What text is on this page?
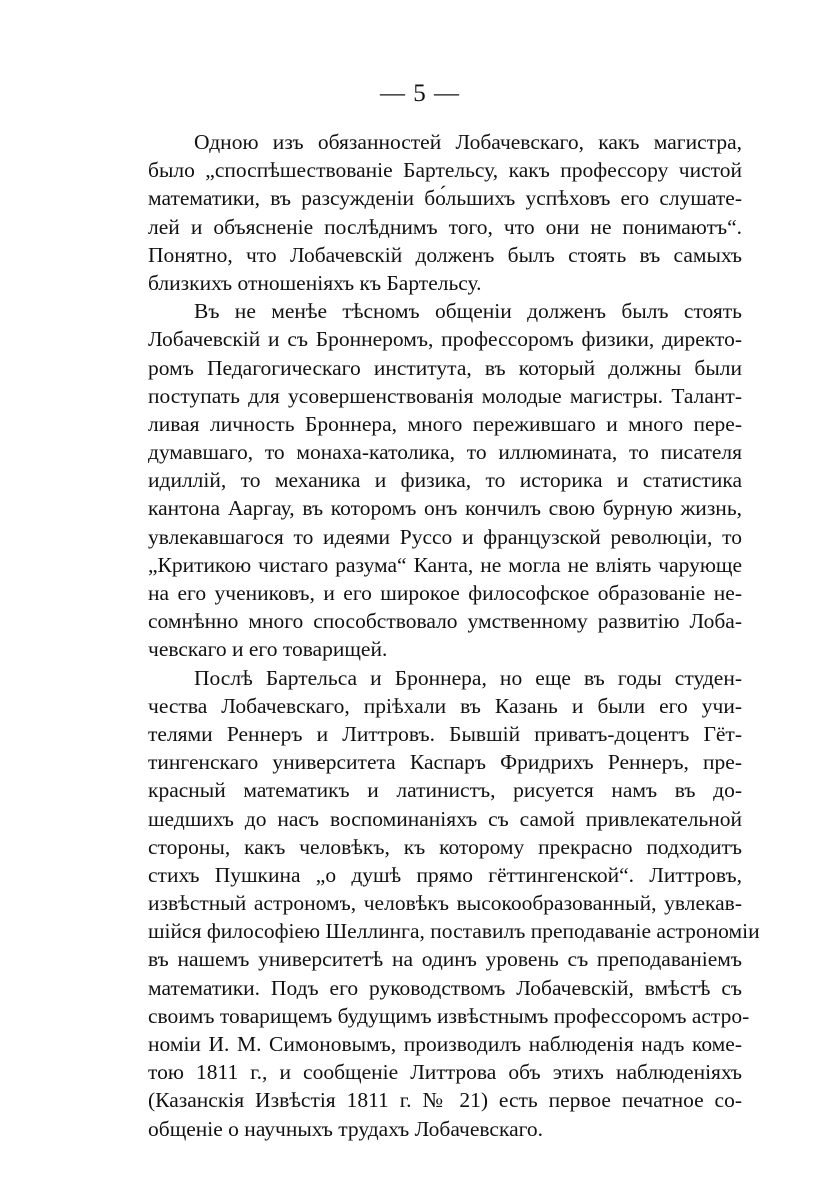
— 5 —
Одною изъ обязанностей Лобачевскаго, какъ магистра,
было „споспѣшествованіе Бартельсу, какъ профессору чистой
математики, въ разсужденіи бо́льшихъ успѣховъ его слушате-
лей и объясненіе послѣднимъ того, что они не понимаютъ“.
Понятно, что Лобачевскій долженъ былъ стоять въ самыхъ
близкихъ отношеніяхъ къ Бартельсу.
Въ не менѣе тѣсномъ общеніи долженъ былъ стоять
Лобачевскій и съ Броннеромъ, профессоромъ физики, директо-
ромъ Педагогическаго института, въ который должны были
поступать для усовершенствованія молодые магистры. Талант-
ливая личность Броннера, много пережившаго и много пере-
думавшаго, то монаха-католика, то иллюмината, то писателя
идиллій, то механика и физика, то историка и статистика
кантона Ааргау, въ которомъ онъ кончилъ свою бурную жизнь,
увлекавшагося то идеями Руссо и французской революціи, то
„Критикою чистаго разума“ Канта, не могла не вліять чарующе
на его учениковъ, и его широкое философское образованіе не-
сомнѣнно много способствовало умственному развитію Лоба-
чевскаго и его товарищей.
Послѣ Бартельса и Броннера, но еще въ годы студен-
чества Лобачевскаго, пріѣхали въ Казань и были его учи-
телями Реннеръ и Литтровъ. Бывшій приватъ-доцентъ Гёт-
тингенскаго университета Каспаръ Фридрихъ Реннеръ, пре-
красный математикъ и латинистъ, рисуется намъ въ до-
шедшихъ до насъ воспоминаніяхъ съ самой привлекательной
стороны, какъ человѣкъ, къ которому прекрасно подходитъ
стихъ Пушкина „о душѣ прямо гёттингенской“. Литтровъ,
извѣстный астрономъ, человѣкъ высокообразованный, увлекав-
шійся философіею Шеллинга, поставилъ преподаваніе астрономіи
въ нашемъ университетѣ на одинъ уровень съ преподаваніемъ
математики. Подъ его руководствомъ Лобачевскій, вмѣстѣ съ
своимъ товарищемъ будущимъ извѣстнымъ профессоромъ астро-
номіи И. М. Симоновымъ, производилъ наблюденія надъ коме-
тою 1811 г., и сообщеніе Литтрова объ этихъ наблюденіяхъ
(Казанскія Извѣстія 1811 г. № 21) есть первое печатное со-
общеніе о научныхъ трудахъ Лобачевскаго.
